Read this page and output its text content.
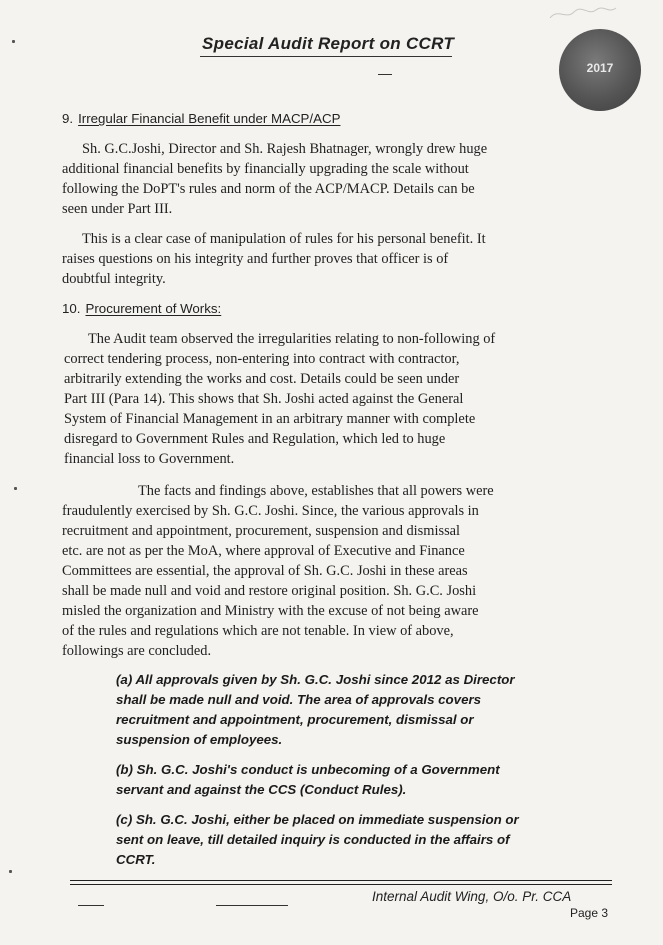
Special Audit Report on CCRT
2017
9. Irregular Financial Benefit under MACP/ACP
Sh. G.C.Joshi, Director and Sh. Rajesh Bhatnager, wrongly drew huge
additional financial benefits by financially upgrading the scale without
following the DoPT's rules and norm of the ACP/MACP. Details can be
seen under Part III.
This is a clear case of manipulation of rules for his personal benefit. It
raises questions on his integrity and further proves that officer is of
doubtful integrity.
10. Procurement of Works:
The Audit team observed the irregularities relating to non-following of
correct tendering process, non-entering into contract with contractor,
arbitrarily extending the works and cost. Details could be seen under
Part III (Para 14). This shows that Sh. Joshi acted against the General
System of Financial Management in an arbitrary manner with complete
disregard to Government Rules and Regulation, which led to huge
financial loss to Government.
The facts and findings above, establishes that all powers were
fraudulently exercised by Sh. G.C. Joshi. Since, the various approvals in
recruitment and appointment, procurement, suspension and dismissal
etc. are not as per the MoA, where approval of Executive and Finance
Committees are essential, the approval of Sh. G.C. Joshi in these areas
shall be made null and void and restore original position. Sh. G.C. Joshi
misled the organization and Ministry with the excuse of not being aware
of the rules and regulations which are not tenable. In view of above,
followings are concluded.
(a) All approvals given by Sh. G.C. Joshi since 2012 as Director
shall be made null and void. The area of approvals covers
recruitment and appointment, procurement, dismissal or
suspension of employees.
(b) Sh. G.C. Joshi's conduct is unbecoming of a Government
servant and against the CCS (Conduct Rules).
(c) Sh. G.C. Joshi, either be placed on immediate suspension or
sent on leave, till detailed inquiry is conducted in the affairs of
CCRT.
Internal Audit Wing, O/o. Pr. CCA
Page 3
